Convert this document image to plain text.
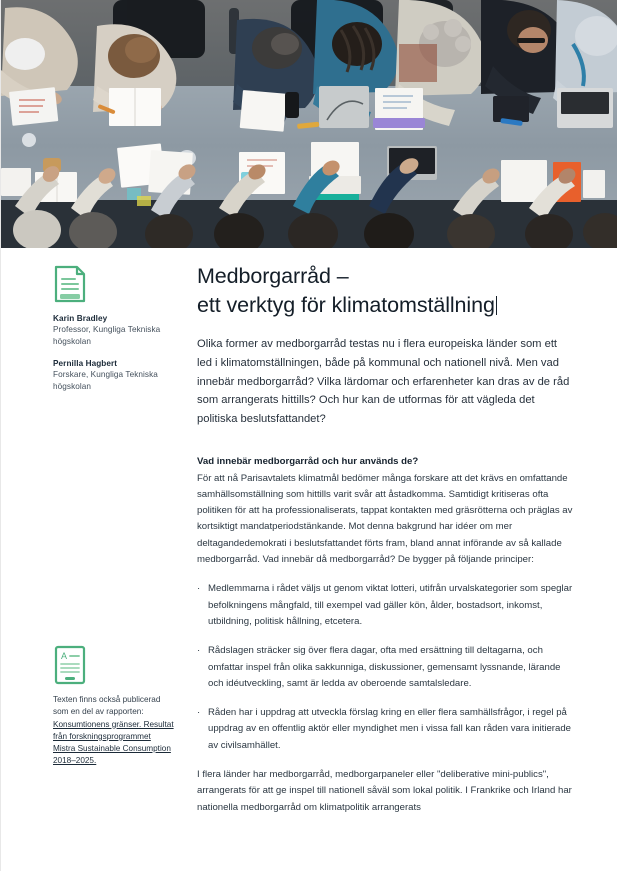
Karin Bradley
Professor, Kungliga Tekniska högskolan
Pernilla Hagbert
Forskare, Kungliga Tekniska högskolan
A
Texten finns också publicerad som en del av rapporten:
Konsumtionens gränser. Resultat från forskningsprogrammet Mistra Sustainable Consumption 2018–2025.
Medborgarråd –
ett verktyg för klimatomställning

Olika former av medborgarråd testas nu i flera europeiska länder som ett led i klimatomställningen, både på kommunal och nationell nivå. Men vad innebär medborgarråd? Vilka lärdomar och erfarenheter kan dras av de råd som arrangerats hittills? Och hur kan de utformas för att vägleda det politiska beslutsfattandet?

Vad innebär medborgarråd och hur används de?

För att nå Parisavtalets klimatmål bedömer många forskare att det krävs en omfattande samhällsomställning som hittills varit svår att åstadkomma. Samtidigt kritiseras ofta politiken för att ha professionaliserats, tappat kontakten med gräsrötterna och präglas av kortsiktigt mandatperiodstänkande. Mot denna bakgrund har idéer om mer deltagandedemokrati i beslutsfattandet förts fram, bland annat införande av så kallade medborgarråd. Vad innebär då medborgarråd? De bygger på följande principer:

· Medlemmarna i rådet väljs ut genom viktat lotteri, utifrån urvalskategorier som speglar befolkningens mångfald, till exempel vad gäller kön, ålder, bostadsort, inkomst, utbildning, politisk hållning, etcetera.
· Rådslagen sträcker sig över flera dagar, ofta med ersättning till deltagarna, och omfattar inspel från olika sakkunniga, diskussioner, gemensamt lyssnande, lärande och idéutveckling, samt är ledda av oberoende samtalsledare.
· Råden har i uppdrag att utveckla förslag kring en eller flera samhällsfrågor, i regel på uppdrag av en offentlig aktör eller myndighet men i vissa fall kan råden vara initierade av civilsamhället.

I flera länder har medborgarråd, medborgarpaneler eller "deliberative mini-publics", arrangerats för att ge inspel till nationell såväl som lokal politik. I Frankrike och Irland har nationella medborgarråd om klimatpolitik arrangerats
